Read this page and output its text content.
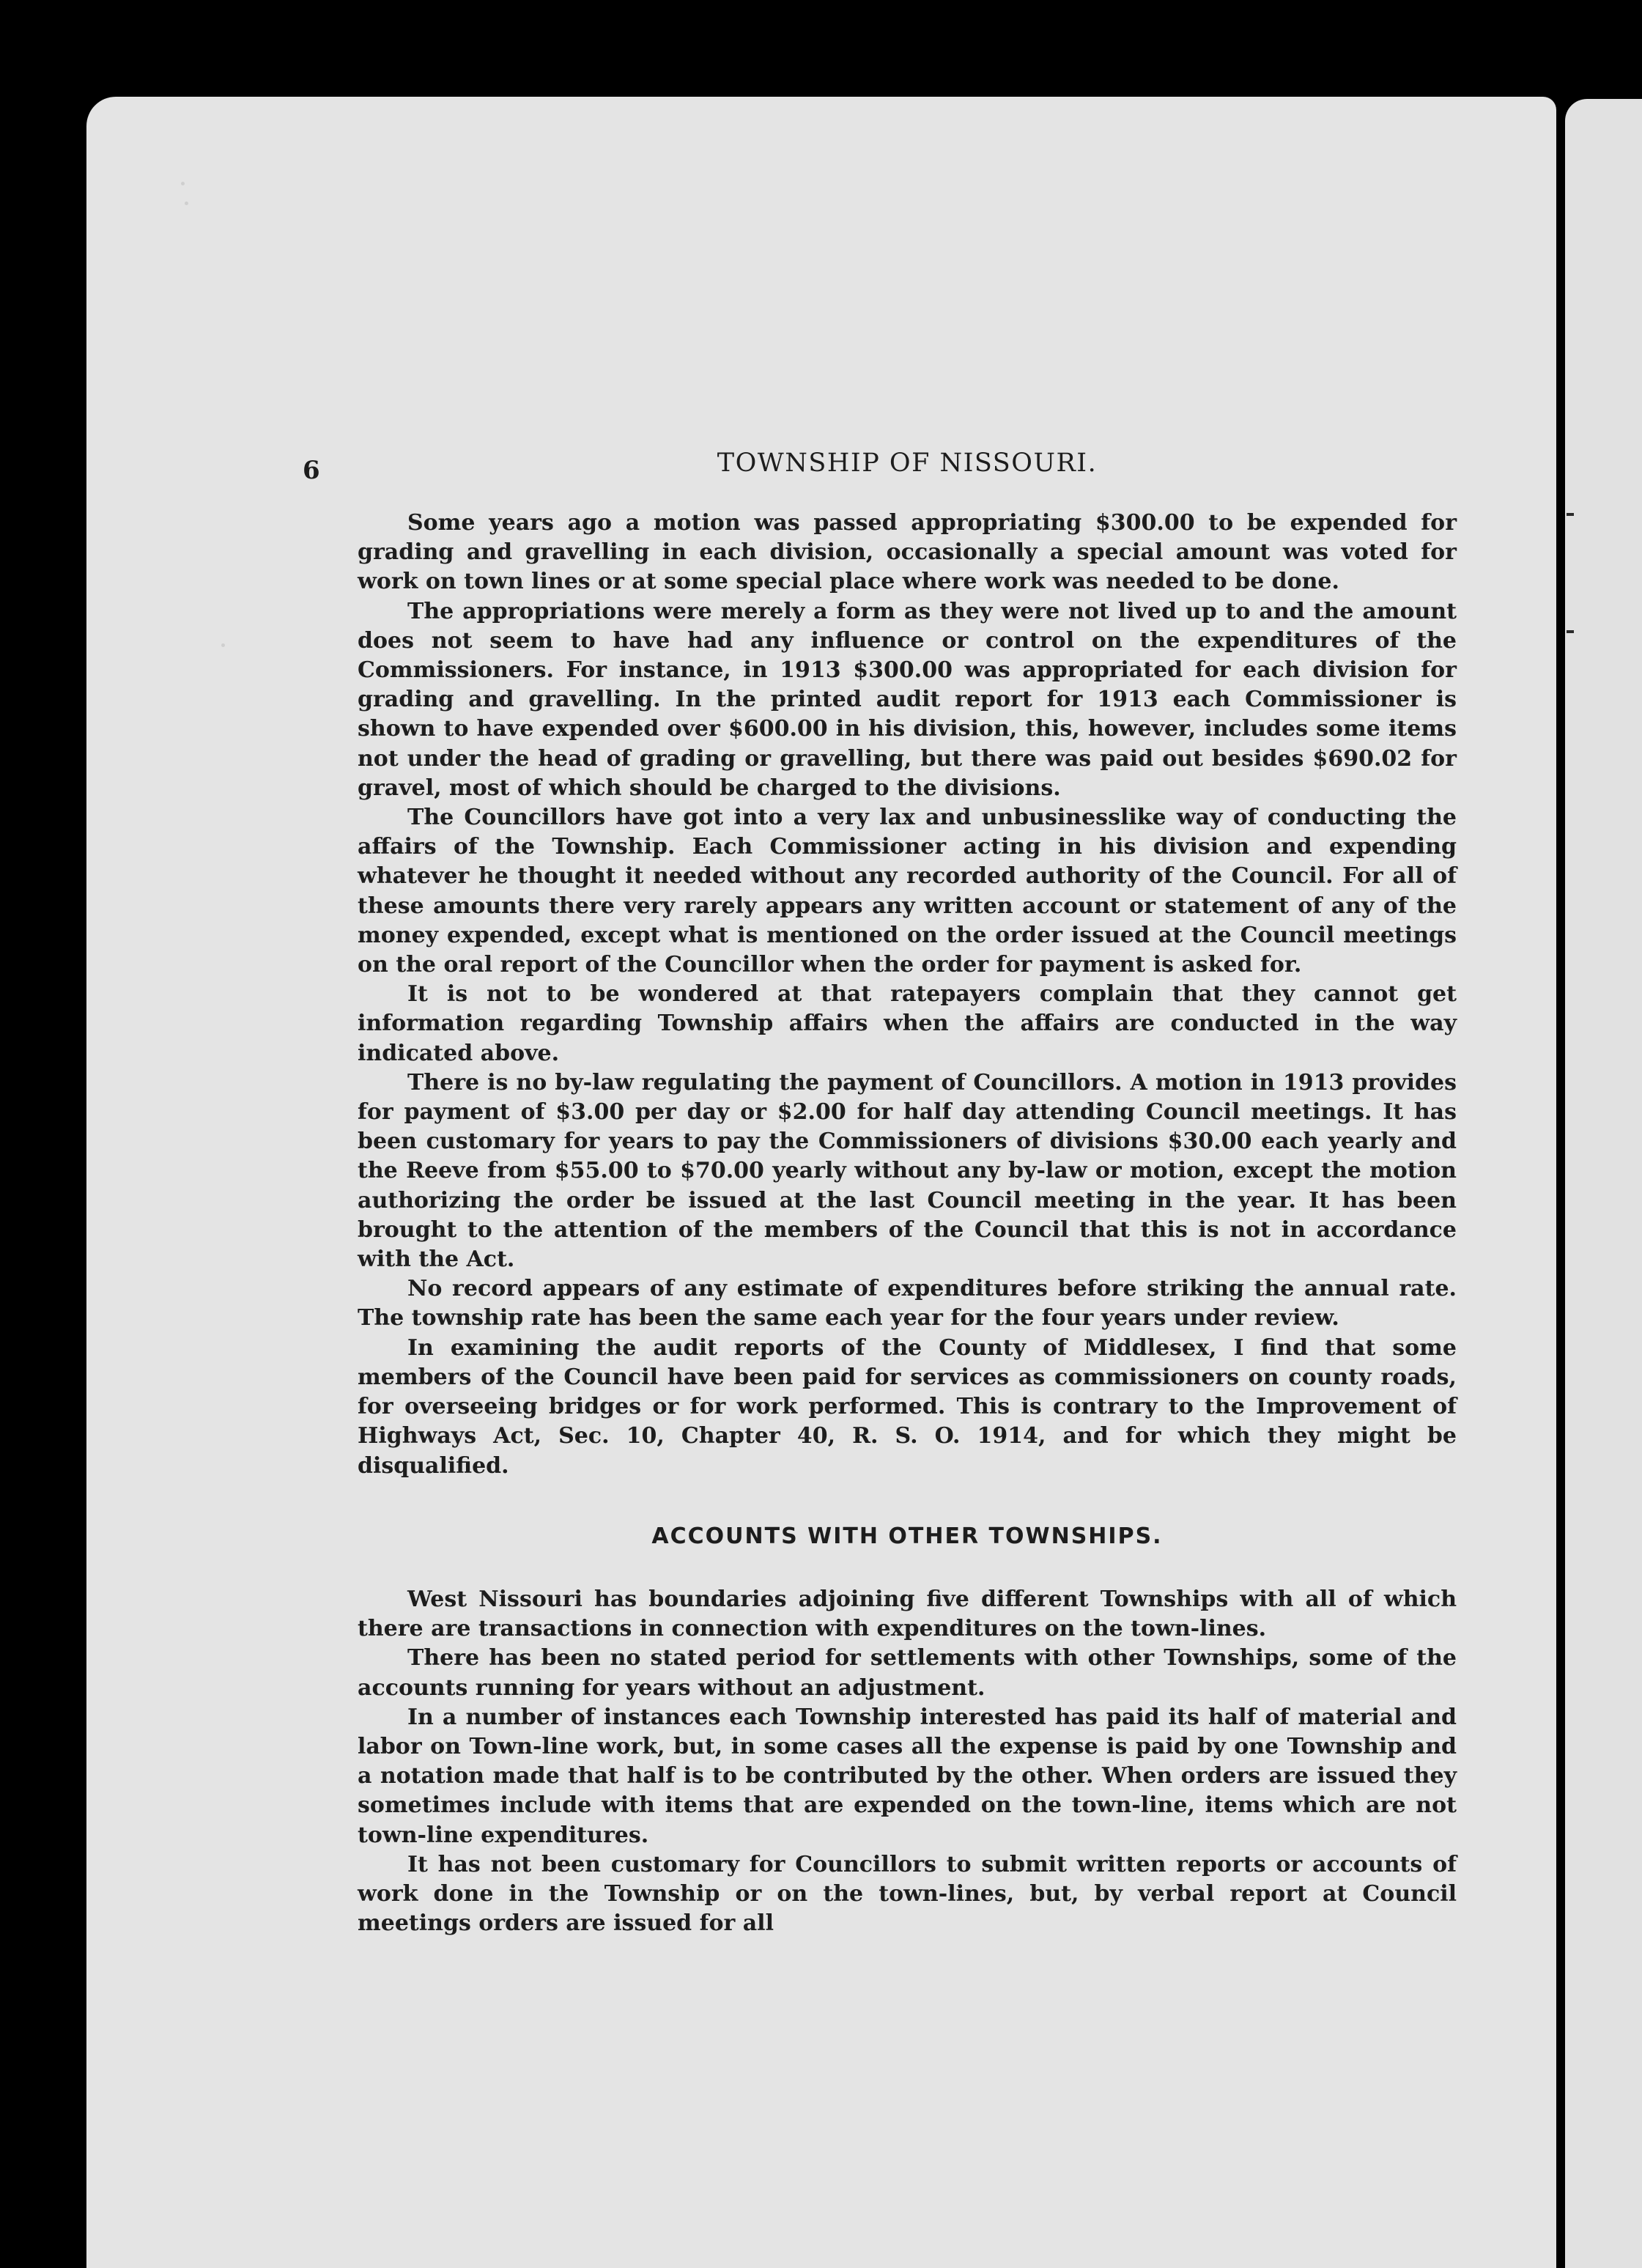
6	TOWNSHIP OF NISSOURI.

Some years ago a motion was passed appropriating $300.00 to be expended for grading and gravelling in each division, occasionally a special amount was voted for work on town lines or at some special place where work was needed to be done.

The appropriations were merely a form as they were not lived up to and the amount does not seem to have had any influence or control on the expenditures of the Commissioners. For instance, in 1913 $300.00 was appropriated for each division for grading and gravelling. In the printed audit report for 1913 each Commissioner is shown to have expended over $600.00 in his division, this, however, includes some items not under the head of grading or gravelling, but there was paid out besides $690.02 for gravel, most of which should be charged to the divisions.

The Councillors have got into a very lax and unbusinesslike way of conducting the affairs of the Township. Each Commissioner acting in his division and expending whatever he thought it needed without any recorded authority of the Council. For all of these amounts there very rarely appears any written account or statement of any of the money expended, except what is mentioned on the order issued at the Council meetings on the oral report of the Councillor when the order for payment is asked for.

It is not to be wondered at that ratepayers complain that they cannot get information regarding Township affairs when the affairs are conducted in the way indicated above.

There is no by-law regulating the payment of Councillors. A motion in 1913 provides for payment of $3.00 per day or $2.00 for half day attending Council meetings. It has been customary for years to pay the Commissioners of divisions $30.00 each yearly and the Reeve from $55.00 to $70.00 yearly without any by-law or motion, except the motion authorizing the order be issued at the last Council meeting in the year. It has been brought to the attention of the members of the Council that this is not in accordance with the Act.

No record appears of any estimate of expenditures before striking the annual rate. The township rate has been the same each year for the four years under review.

In examining the audit reports of the County of Middlesex, I find that some members of the Council have been paid for services as commissioners on county roads, for overseeing bridges or for work performed. This is contrary to the Improvement of Highways Act, Sec. 10, Chapter 40, R. S. O. 1914, and for which they might be disqualified.

ACCOUNTS WITH OTHER TOWNSHIPS.

West Nissouri has boundaries adjoining five different Townships with all of which there are transactions in connection with expenditures on the town-lines.

There has been no stated period for settlements with other Townships, some of the accounts running for years without an adjustment.

In a number of instances each Township interested has paid its half of material and labor on Town-line work, but, in some cases all the expense is paid by one Township and a notation made that half is to be contributed by the other. When orders are issued they sometimes include with items that are expended on the town-line, items which are not town-line expenditures.

It has not been customary for Councillors to submit written reports or accounts of work done in the Township or on the town-lines, but, by verbal report at Council meetings orders are issued for all
